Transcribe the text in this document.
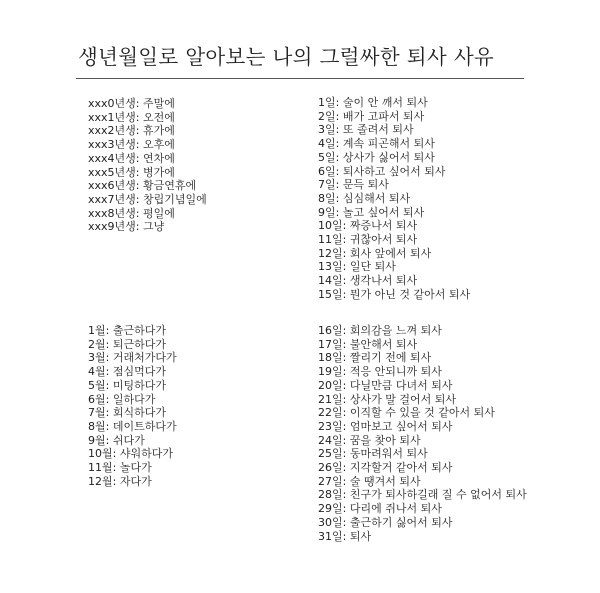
생년월일로 알아보는 나의 그럴싸한 퇴사 사유
xxx0년생: 주말에
xxx1년생: 오전에
xxx2년생: 휴가에
xxx3년생: 오후에
xxx4년생: 연차에
xxx5년생: 병가에
xxx6년생: 황금연휴에
xxx7년생: 창립기념일에
xxx8년생: 평일에
xxx9년생: 그냥
1월: 출근하다가
2월: 퇴근하다가
3월: 거래처가다가
4월: 점심먹다가
5월: 미팅하다가
6월: 일하다가
7월: 회식하다가
8월: 데이트하다가
9월: 쉬다가
10월: 샤워하다가
11월: 놀다가
12월: 자다가
1일: 술이 안 깨서 퇴사
2일: 배가 고파서 퇴사
3일: 또 졸려서 퇴사
4일: 계속 피곤해서 퇴사
5일: 상사가 싫어서 퇴사
6일: 퇴사하고 싶어서 퇴사
7일: 문득 퇴사
8일: 심심해서 퇴사
9일: 놀고 싶어서 퇴사
10일: 짜증나서 퇴사
11일: 귀찮아서 퇴사
12일: 회사 앞에서 퇴사
13일: 일단 퇴사
14일: 생각나서 퇴사
15일: 뭔가 아닌 것 같아서 퇴사
16일: 회의감을 느껴 퇴사
17일: 불안해서 퇴사
18일: 짤리기 전에 퇴사
19일: 적응 안되니까 퇴사
20일: 다닐만큼 다녀서 퇴사
21일: 상사가 말 걸어서 퇴사
22일: 이직할 수 있을 것 같아서 퇴사
23일: 엄마보고 싶어서 퇴사
24일: 꿈을 찾아 퇴사
25일: 동마려워서 퇴사
26일: 지각할거 같아서 퇴사
27일: 술 땡겨서 퇴사
28일: 친구가 퇴사하길래 질 수 없어서 퇴사
29일: 다리에 쥐나서 퇴사
30일: 출근하기 싫어서 퇴사
31일: 퇴사
